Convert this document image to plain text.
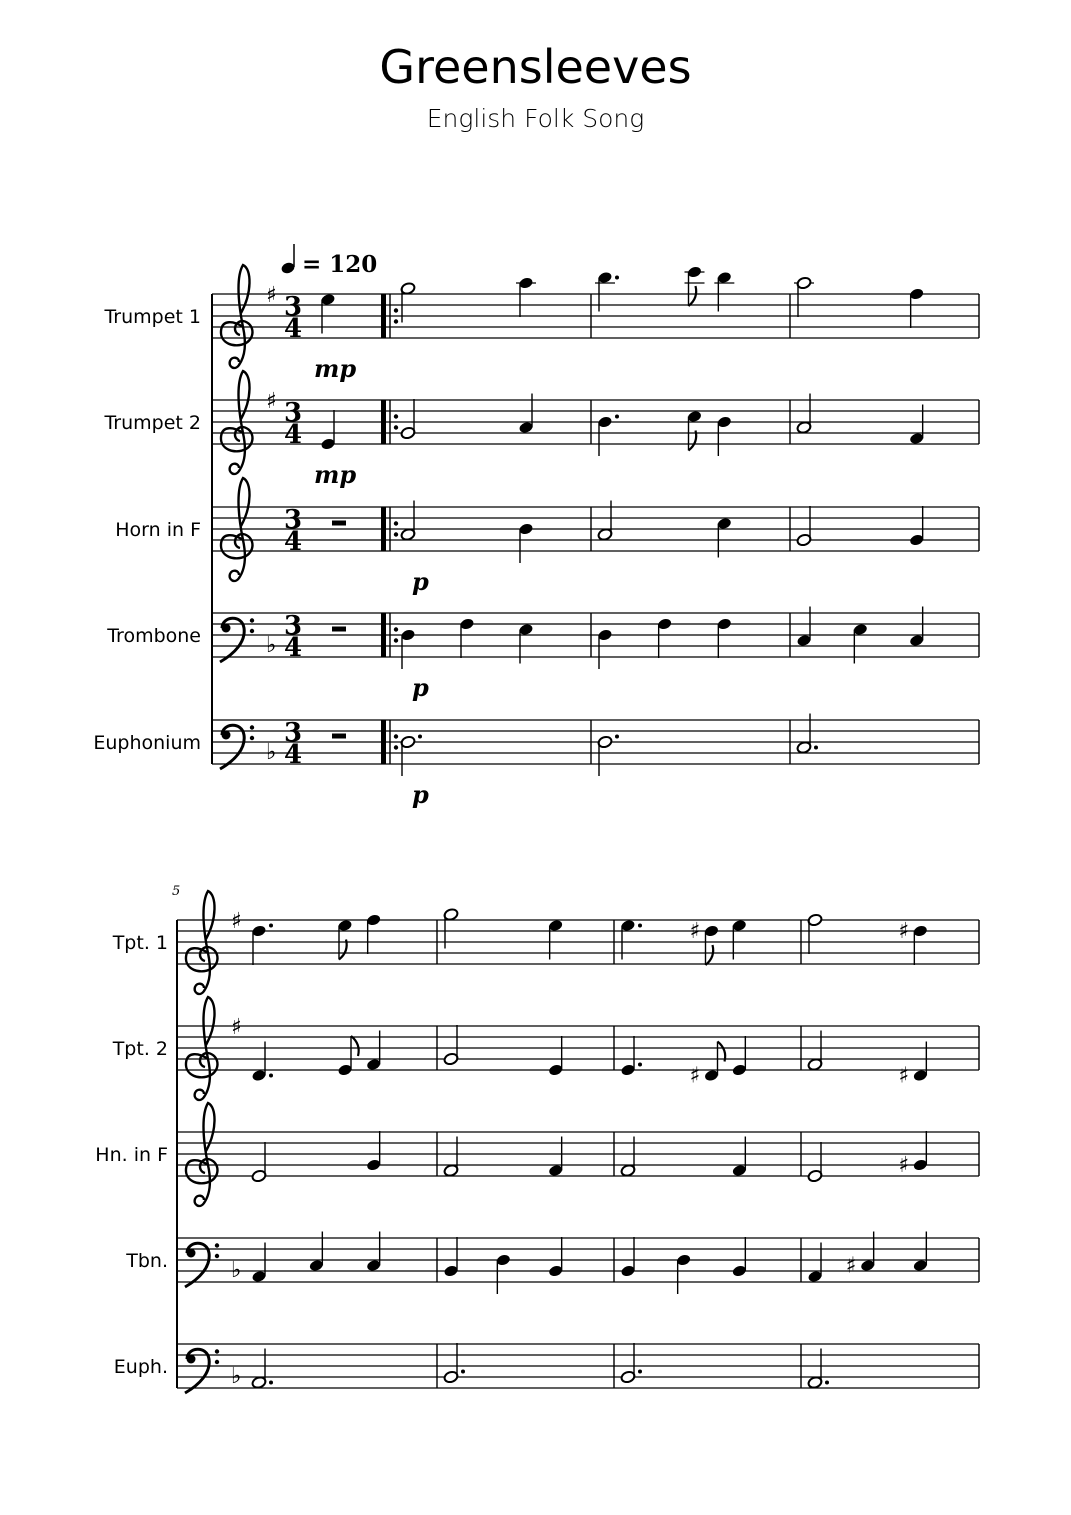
Greensleeves
English Folk Song
= 120
Trumpet 1
♯ 3
4
mp
Trumpet 2
♯ 3
4
mp
Horn in F	3
4
p
Trombone	♭
3
4
p
Euphonium	♭
3
4
p
5
Tpt. 1
♯	♯	♯
Tpt. 2
♯
♯	♯
Hn. in F	♯
Tbn.	♭	♯
Euph.	♭
